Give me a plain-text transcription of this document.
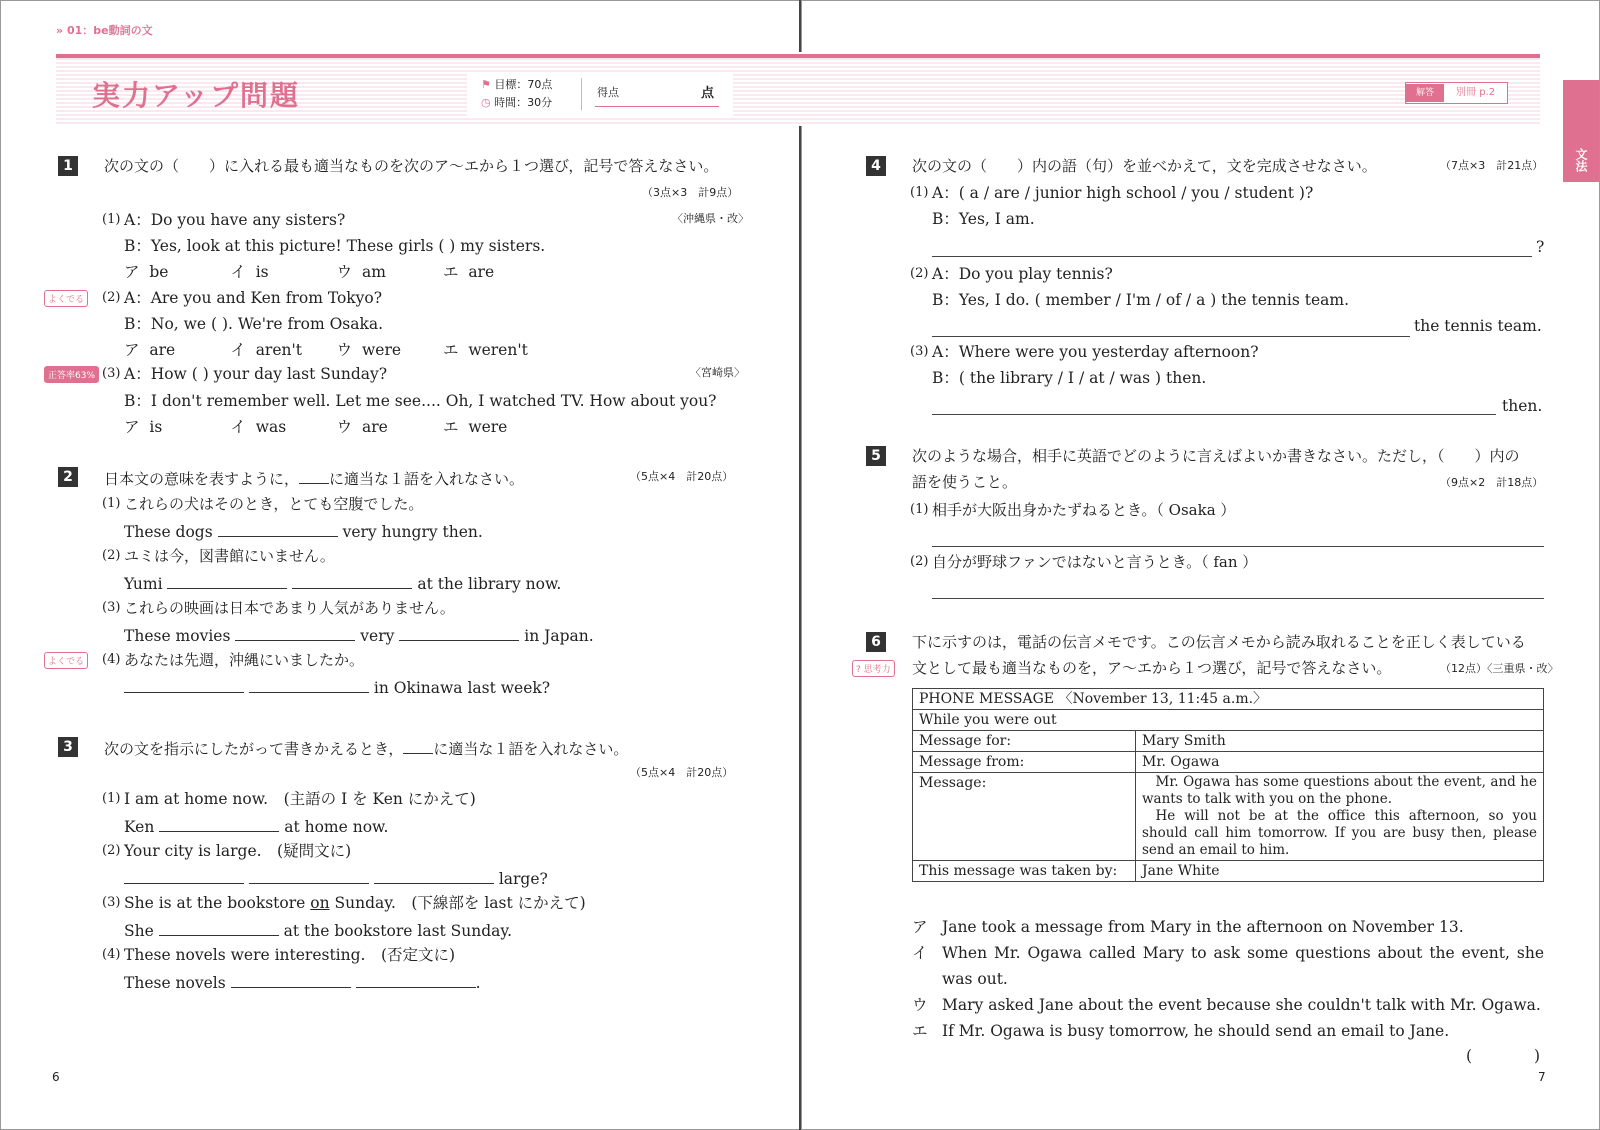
» 01：be動詞の文
実力アップ問題	⚑ 目標：70点
◷ 時間：30分
得点	点	解答 別冊 p.2
文法
1	次の文の（　　）に入れる最も適当なものを次のア～エから１つ選び，記号で答えなさい。
（3点×3　計9点）
(1) A：Do you have any sisters?	〈沖縄県・改〉
B：Yes, look at this picture! These girls ( ) my sisters.
ア be	イ is	ウ am	エ are
よくでる	(2) A：Are you and Ken from Tokyo?
B：No, we ( ). We're from Osaka.
ア are	イ aren't ウ were	エ weren't
正答率63% (3) A：How ( ) your day last Sunday?	〈宮崎県〉
B：I don't remember well. Let me see.... Oh, I watched TV. How about you?
ア is	イ was	ウ are	エ were
2	日本文の意味を表すように， に適当な１語を入れなさい。	（5点×4　計20点）
(1) これらの犬はそのとき，とても空腹でした。
These dogs	very hungry then.
(2) ユミは今，図書館にいません。
Yumi	at the library now.
(3) これらの映画は日本であまり人気がありません。
These movies	very	in Japan.
よくでる	(4) あなたは先週，沖縄にいましたか。
in Okinawa last week?
3	次の文を指示にしたがって書きかえるとき， に適当な１語を入れなさい。
（5点×4　計20点）
(1) I am at home now.　(主語の I を Ken にかえて)
Ken	at home now.
(2) Your city is large.　(疑問文に)
large?
(3) She is at the bookstore on Sunday.　(下線部を last にかえて)
She	at the bookstore last Sunday.
(4) These novels were interesting.　(否定文に)
These novels	.
6
4	次の文の（　　）内の語（句）を並べかえて，文を完成させなさい。	（7点×3　計21点）
(1) A：( a / are / junior high school / you / student )?
B：Yes, I am.
?
(2) A：Do you play tennis?
B：Yes, I do. ( member / I'm / of / a ) the tennis team.
the tennis team.
(3) A：Where were you yesterday afternoon?
B：( the library / I / at / was ) then.
then.
5	次のような場合，相手に英語でどのように言えばよいか書きなさい。ただし，（　　）内の
語を使うこと。	（9点×2　計18点）
(1) 相手が大阪出身かたずねるとき。（ Osaka ）
(2) 自分が野球ファンではないと言うとき。（ fan ）
6
? 思考力
下に示すのは，電話の伝言メモです。この伝言メモから読み取れることを正しく表している
文として最も適当なものを，ア～エから１つ選び，記号で答えなさい。	（12点）〈三重県・改〉
PHONE MESSAGE 〈November 13, 11:45 a.m.〉	
While you were out	
Message for:	Mary Smith
Message from:	Mr. Ogawa
Message:	Mr. Ogawa has some questions about the event, and he wants to talk with you on the phone.
He will not be at the office this afternoon, so you should call him tomorrow. If you are busy then, please send an email to him.

This message was taken by:	Jane White
ア Jane took a message from Mary in the afternoon on November 13.
イ When Mr. Ogawa called Mary to ask some questions about the event, she was out.
ウ Mary asked Jane about the event because she couldn't talk with Mr. Ogawa.
エ If Mr. Ogawa is busy tomorrow, he should send an email to Jane.
(　　　　)
7
